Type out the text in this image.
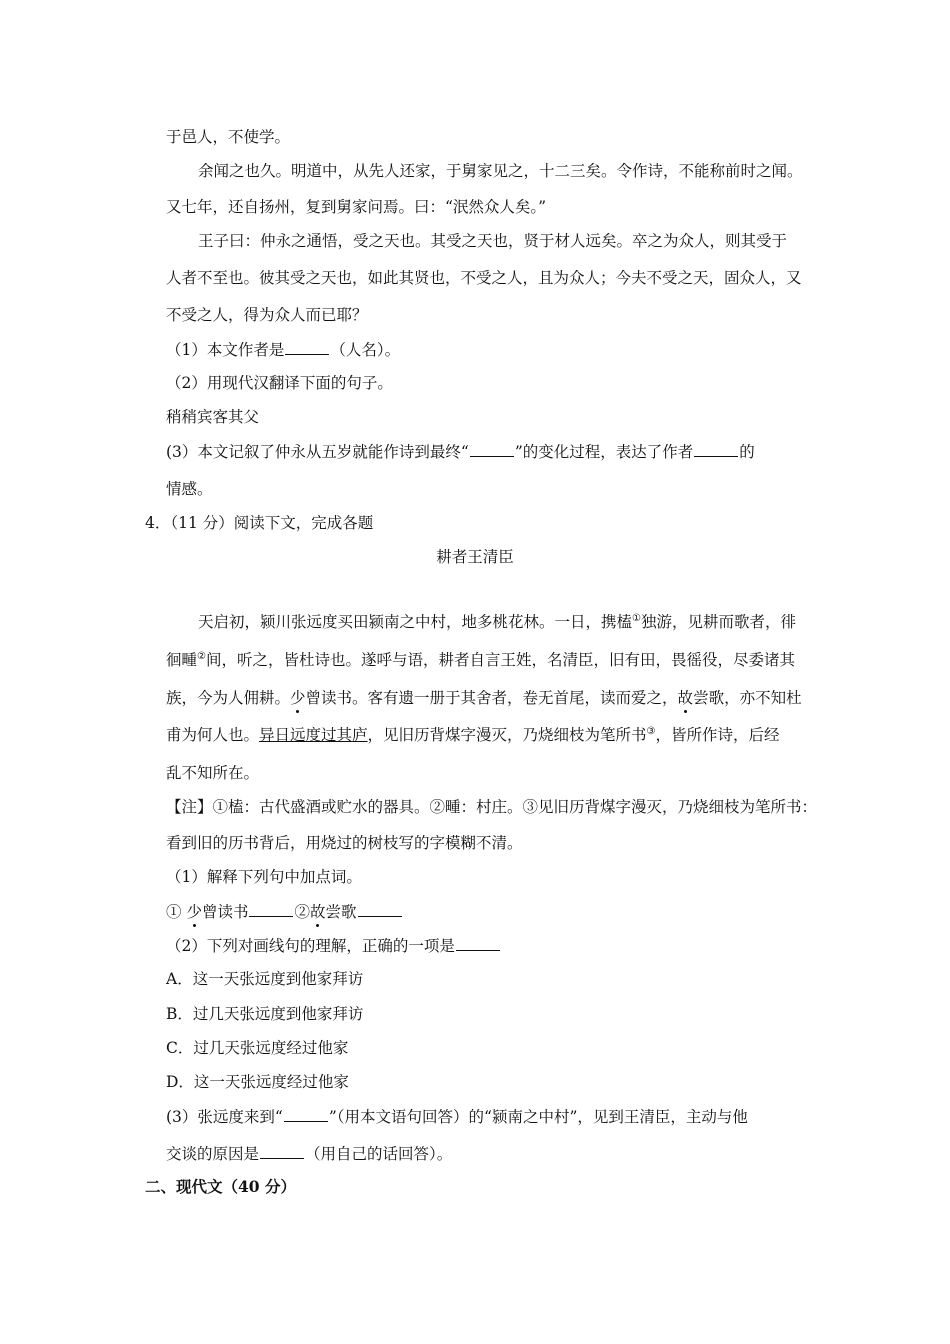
于邑人，不使学。
余闻之也久。明道中，从先人还家，于舅家见之，十二三矣。令作诗，不能称前时之闻。
又七年，还自扬州，复到舅家问焉。曰：“泯然众人矣。”
王子曰：仲永之通悟，受之天也。其受之天也，贤于材人远矣。卒之为众人，则其受于
人者不至也。彼其受之天也，如此其贤也，不受之人，且为众人；今夫不受之天，固众人，又
不受之人，得为众人而已耶？
（1）本文作者是	（人名）。
（2）用现代汉翻译下面的句子。
稍稍宾客其父
(3）本文记叙了仲永从五岁就能作诗到最终“	”的变化过程，表达了作者	的
情感。
4．（11 分）阅读下文，完成各题
耕者王清臣
天启初，颍川张远度买田颍南之中村，地多桃花林。一日，携榼①独游，见耕而歌者，徘
徊畽②间，听之，皆杜诗也。遂呼与语，耕者自言王姓，名清臣，旧有田，畏徭役，尽委诸其
族，今为人佣耕。少曾读书。客有遗一册于其舍者，卷无首尾，读而爱之，故尝歌，亦不知杜
甫为何人也。异日远度过其庐，见旧历背煤字漫灭，乃烧细枝为笔所书③，皆所作诗，后经
乱不知所在。
【注】①榼：古代盛酒或贮水的器具。②畽：村庄。③见旧历背煤字漫灭，乃烧细枝为笔所书：
看到旧的历书背后，用烧过的树枝写的字模糊不清。
（1）解释下列句中加点词。
① 少曾读书	②故尝歌
（2）下列对画线句的理解，正确的一项是
A．这一天张远度到他家拜访
B．过几天张远度到他家拜访
C．过几天张远度经过他家
D．这一天张远度经过他家
(3）张远度来到“	”（用本文语句回答）的“颍南之中村”，见到王清臣，主动与他
交谈的原因是	（用自己的话回答）。
二、现代文（40 分）
